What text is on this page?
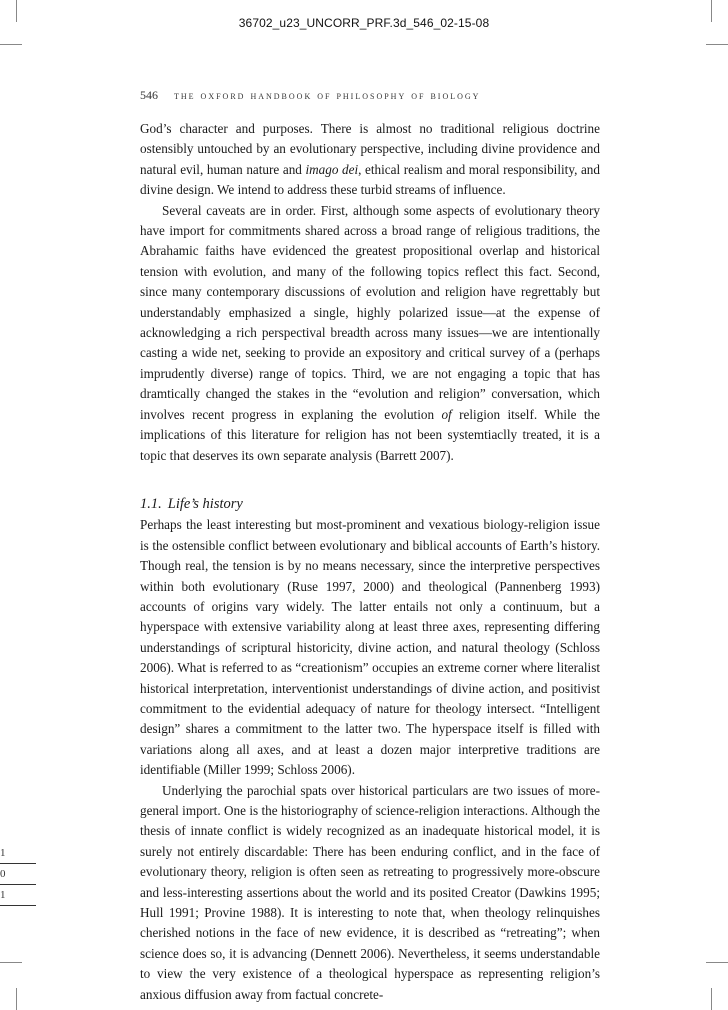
36702_u23_UNCORR_PRF.3d_546_02-15-08
546 the oxford handbook of philosophy of biology

God’s character and purposes. There is almost no traditional religious doctrine ostensibly untouched by an evolutionary perspective, including divine providence and natural evil, human nature and imago dei, ethical realism and moral responsibility, and divine design. We intend to address these turbid streams of influence.

Several caveats are in order. First, although some aspects of evolutionary theory have import for commitments shared across a broad range of religious traditions, the Abrahamic faiths have evidenced the greatest propositional overlap and historical tension with evolution, and many of the following topics reflect this fact. Second, since many contemporary discussions of evolution and religion have regrettably but understandably emphasized a single, highly polarized issue—at the expense of acknowledging a rich perspectival breadth across many issues—we are intentionally casting a wide net, seeking to provide an expository and critical survey of a (perhaps imprudently diverse) range of topics. Third, we are not engaging a topic that has dramtically changed the stakes in the “evolution and religion” conversation, which involves recent progress in explaning the evolution of religion itself. While the implications of this literature for religion has not been systemtiaclly treated, it is a topic that deserves its own separate analysis (Barrett 2007).

1.1. Life’s history

Perhaps the least interesting but most-prominent and vexatious biology-religion issue is the ostensible conflict between evolutionary and biblical accounts of Earth’s history. Though real, the tension is by no means necessary, since the interpretive perspectives within both evolutionary (Ruse 1997, 2000) and theological (Pannenberg 1993) accounts of origins vary widely. The latter entails not only a continuum, but a hyperspace with extensive variability along at least three axes, representing differing understandings of scriptural historicity, divine action, and natural theology (Schloss 2006). What is referred to as “creationism” occupies an extreme corner where literalist historical interpretation, interventionist understandings of divine action, and positivist commitment to the evidential adequacy of nature for theology intersect. “Intelligent design” shares a commitment to the latter two. The hyperspace itself is filled with variations along all axes, and at least a dozen major interpretive traditions are identifiable (Miller 1999; Schloss 2006).

Underlying the parochial spats over historical particulars are two issues of more-general import. One is the historiography of science-religion interactions. Although the thesis of innate conflict is widely recognized as an inadequate historical model, it is surely not entirely discardable: There has been enduring conflict, and in the face of evolutionary theory, religion is often seen as retreating to progressively more-obscure and less-interesting assertions about the world and its posited Creator (Dawkins 1995; Hull 1991; Provine 1988). It is interesting to note that, when theology relinquishes cherished notions in the face of new evidence, it is described as “retreating”; when science does so, it is advancing (Dennett 2006). Nevertheless, it seems understandable to view the very existence of a theological hyperspace as representing religion’s anxious diffusion away from factual concrete-

1
0
1
